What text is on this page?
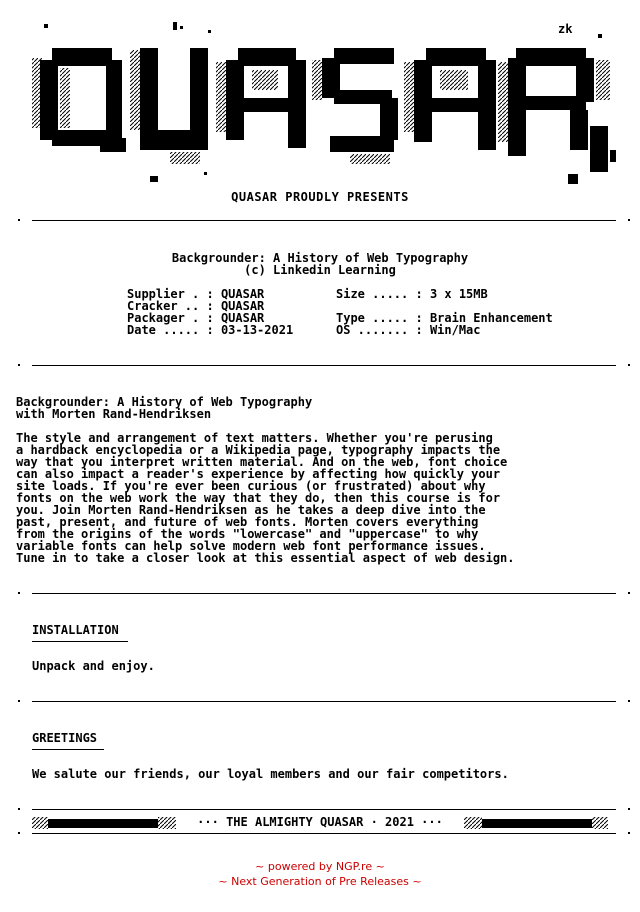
zk
QUASAR PROUDLY PRESENTS
Backgrounder: A History of Web Typography
(c) Linkedin Learning
Supplier . : QUASAR
Cracker .. : QUASAR
Packager . : QUASAR
Date ..... : 03-13-2021
Size ..... : 3 x 15MB
Type ..... : Brain Enhancement
OS ....... : Win/Mac
Backgrounder: A History of Web Typography
with Morten Rand-Hendriksen
The style and arrangement of text matters. Whether you're perusing
a hardback encyclopedia or a Wikipedia page, typography impacts the
way that you interpret written material. And on the web, font choice
can also impact a reader's experience by affecting how quickly your
site loads. If you're ever been curious (or frustrated) about why
fonts on the web work the way that they do, then this course is for
you. Join Morten Rand-Hendriksen as he takes a deep dive into the
past, present, and future of web fonts. Morten covers everything
from the origins of the words "lowercase" and "uppercase" to why
variable fonts can help solve modern web font performance issues.
Tune in to take a closer look at this essential aspect of web design.
INSTALLATION
Unpack and enjoy.
GREETINGS
We salute our friends, our loyal members and our fair competitors.
··· THE ALMIGHTY QUASAR · 2021 ···
~ powered by NGP.re ~
~ Next Generation of Pre Releases ~
